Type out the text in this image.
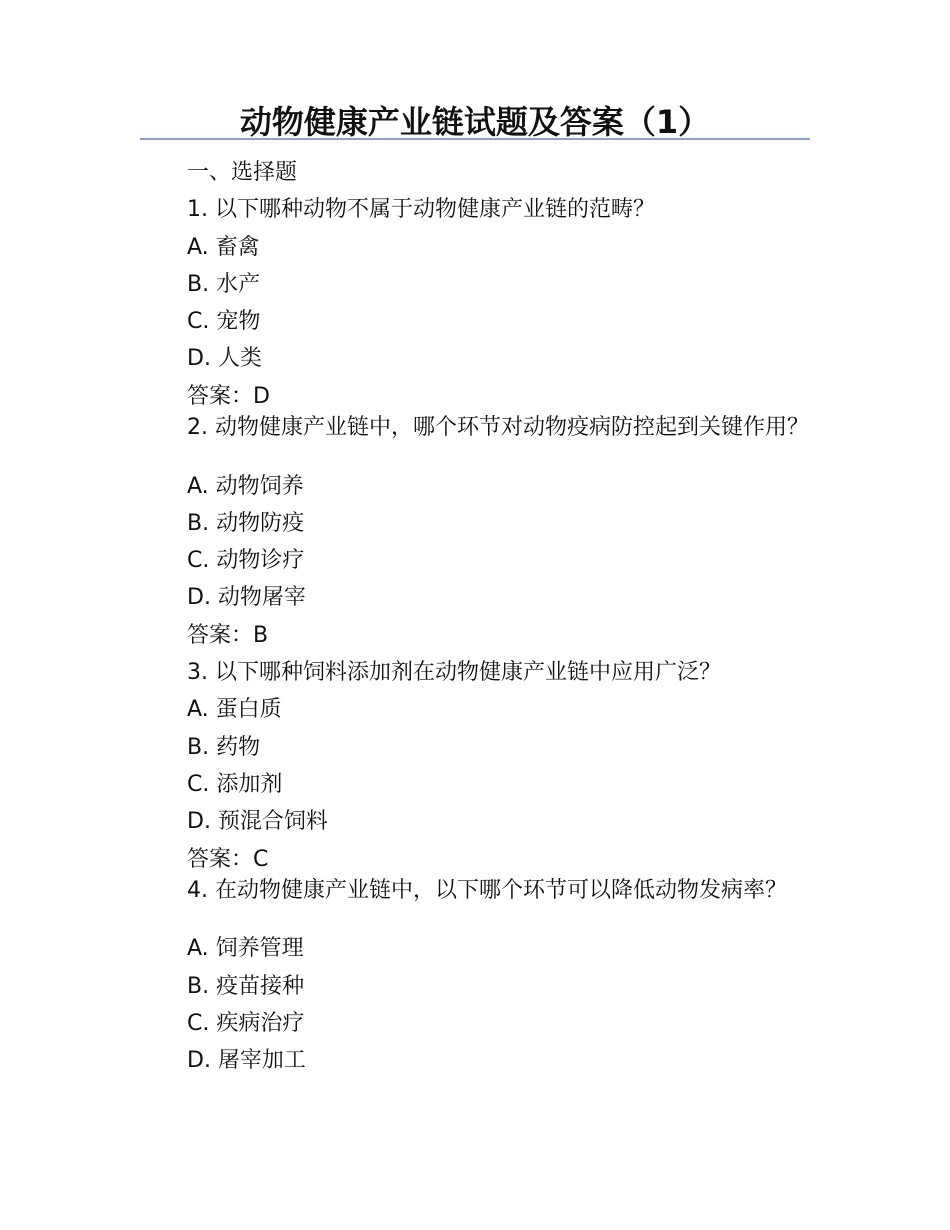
动物健康产业链试题及答案（1）
一、选择题
1. 以下哪种动物不属于动物健康产业链的范畴？
A. 畜禽
B. 水产
C. 宠物
D. 人类
答案：D
2. 动物健康产业链中，哪个环节对动物疫病防控起到关键作用？
A. 动物饲养
B. 动物防疫
C. 动物诊疗
D. 动物屠宰
答案：B
3. 以下哪种饲料添加剂在动物健康产业链中应用广泛？
A. 蛋白质
B. 药物
C. 添加剂
D. 预混合饲料
答案：C
4. 在动物健康产业链中，以下哪个环节可以降低动物发病率？
A. 饲养管理
B. 疫苗接种
C. 疾病治疗
D. 屠宰加工
